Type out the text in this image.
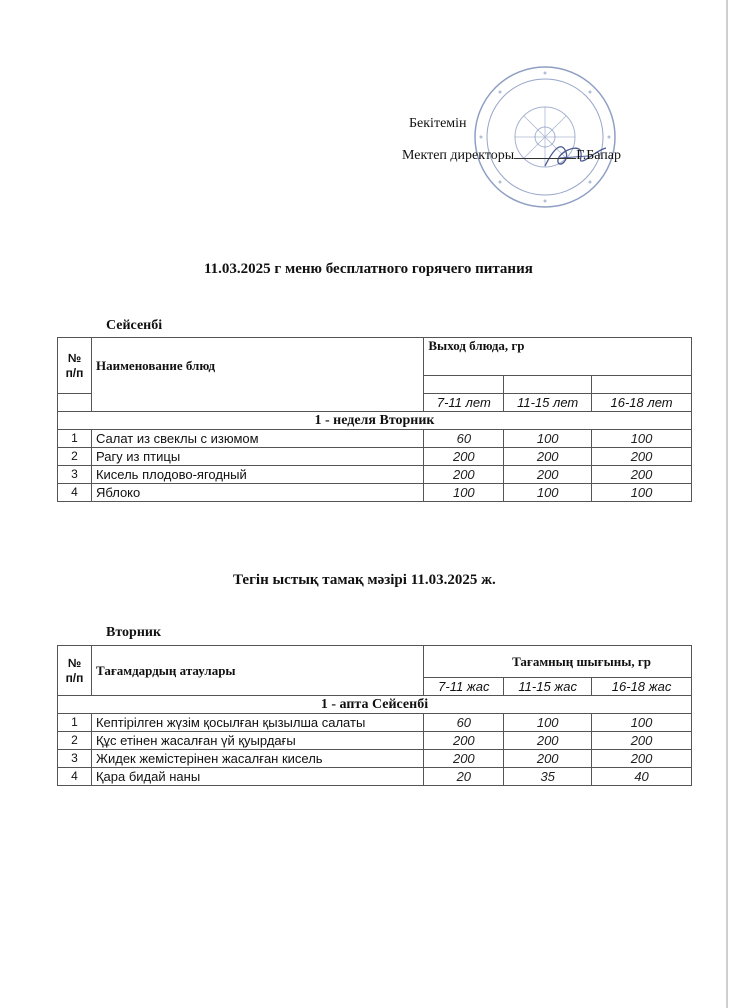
Бекітемін
Мектеп директоры	Г.Бапар
11.03.2025 г меню бесплатного горячего питания
Сейсенбі
№ п/п	Наименование блюд	Выход блюда, гр		

		7-11 лет	11-15 лет	16-18 лет
1 - неделя Вторник				
1	Салат из свеклы с изюмом	60	100	100
2	Рагу из птицы	200	200	200
3	Кисель плодово-ягодный	200	200	200
4	Яблоко	100	100	100
Тегін ыстық тамақ мәзірі 11.03.2025 ж.
Вторник
№ п/п	Тағамдардың атаулары	Тағамның шығыны, гр		
		7-11 жас	11-15 жас	16-18 жас
1 - апта Сейсенбі				
1	Кептірілген жүзім қосылған қызылша салаты	60	100	100
2	Құс етінен жасалған үй қуырдағы	200	200	200
3	Жидек жемістерінен жасалған кисель	200	200	200
4	Қара бидай наны	20	35	40
